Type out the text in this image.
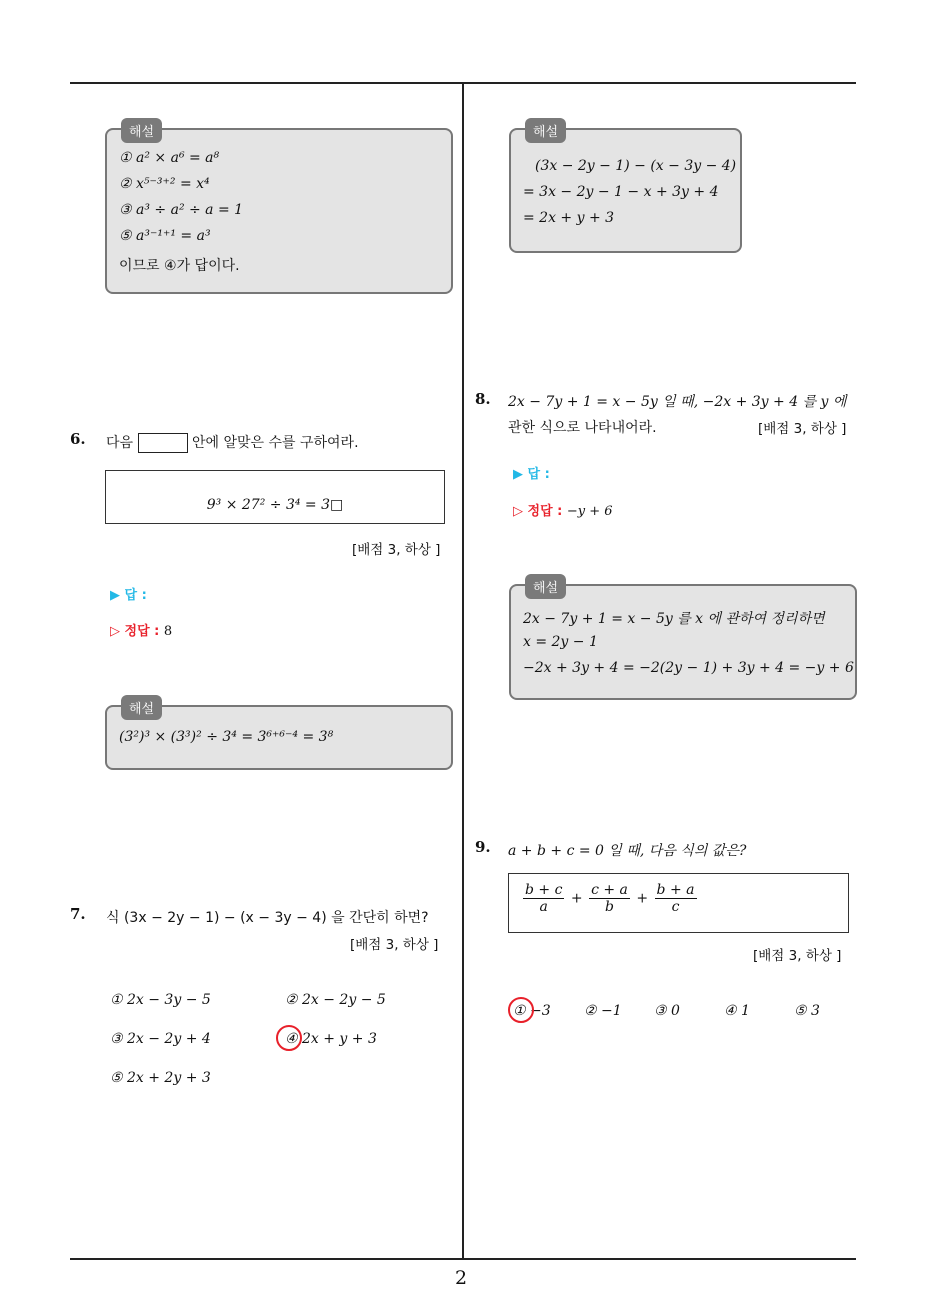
2
해설
① a² × a⁶ = a⁸
② x⁵⁻³⁺² = x⁴
③ a³ ÷ a² ÷ a = 1
⑤ a³⁻¹⁺¹ = a³
이므로 ④가 답이다.
6. 다음	안에 알맞은 수를 구하여라.
9³ × 27² ÷ 3⁴ = 3□
[배점 3, 하상 ]
▶ 답 :
▷ 정답 : 8
해설
(3²)³ × (3³)² ÷ 3⁴ = 3⁶⁺⁶⁻⁴ = 3⁸
7. 식 (3x − 2y − 1) − (x − 3y − 4) 을 간단히 하면?
[배점 3, 하상 ]
① 2x − 3y − 5	② 2x − 2y − 5
③ 2x − 2y + 4	④ 2x + y + 3
⑤ 2x + 2y + 3
해설
(3x − 2y − 1) − (x − 3y − 4)
= 3x − 2y − 1 − x + 3y + 4
= 2x + y + 3
8. 2x − 7y + 1 = x − 5y 일 때, −2x + 3y + 4 를 y 에
관한 식으로 나타내어라.	[배점 3, 하상 ]
▶ 답 :
▷ 정답 : −y + 6
해설
2x − 7y + 1 = x − 5y 를 x 에 관하여 정리하면
x = 2y − 1
−2x + 3y + 4 = −2(2y − 1) + 3y + 4 = −y + 6
9. a + b + c = 0 일 때, 다음 식의 값은?
$\frac{b + c}{a} + \frac{c + a}{b} + \frac{b + a}{c}$
[배점 3, 하상 ]
① −3 ② −1 ③ 0	④ 1	⑤ 3
